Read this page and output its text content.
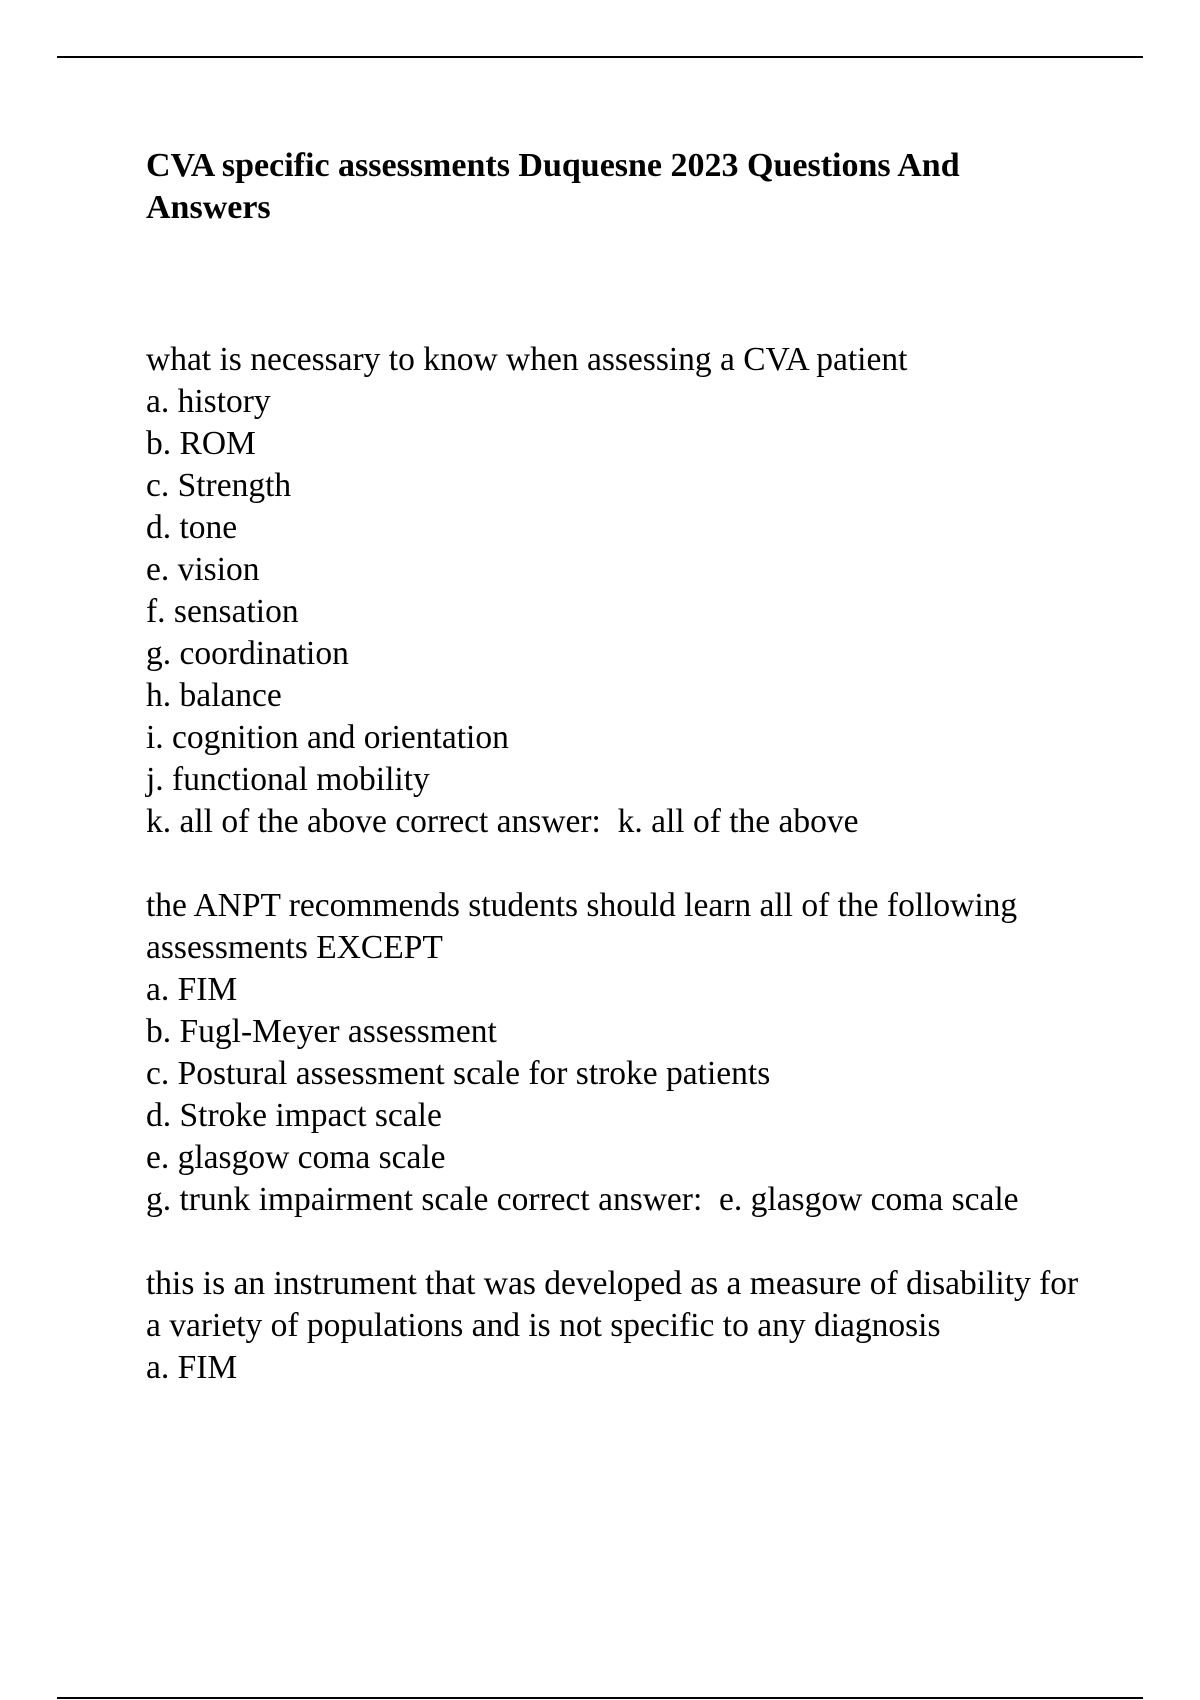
CVA specific assessments Duquesne 2023 Questions And Answers
what is necessary to know when assessing a CVA patient
a. history
b. ROM
c. Strength
d. tone
e. vision
f. sensation
g. coordination
h. balance
i. cognition and orientation
j. functional mobility
k. all of the above correct answer: k. all of the above
the ANPT recommends students should learn all of the following assessments EXCEPT
a. FIM
b. Fugl-Meyer assessment
c. Postural assessment scale for stroke patients
d. Stroke impact scale
e. glasgow coma scale
g. trunk impairment scale correct answer: e. glasgow coma scale
this is an instrument that was developed as a measure of disability for a variety of populations and is not specific to any diagnosis
a. FIM
